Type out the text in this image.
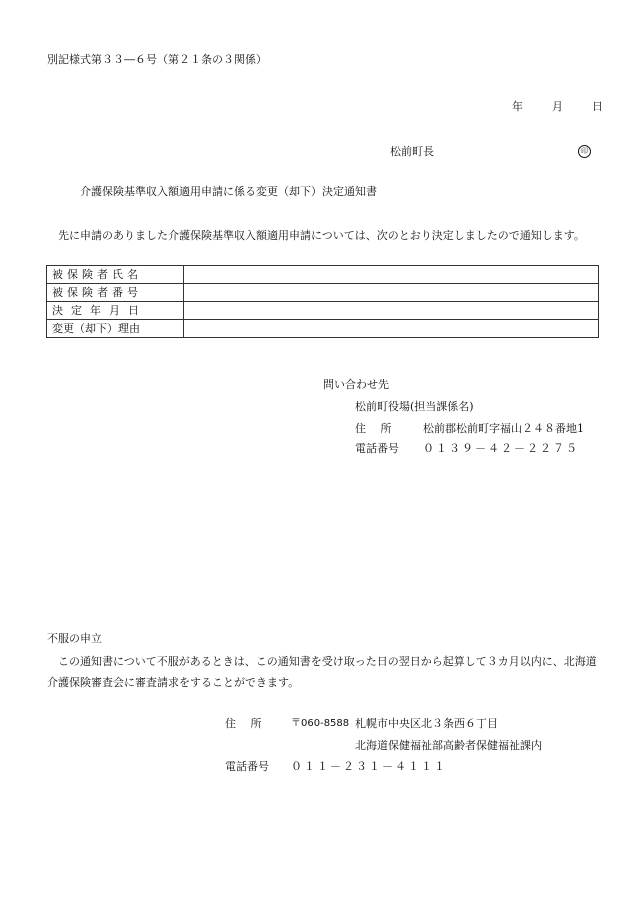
別記様式第３３―６号（第２１条の３関係）
年	月	日
松前町長	印
介護保険基準収入額適用申請に係る変更（却下）決定通知書
先に申請のありました介護保険基準収入額適用申請については、次のとおり決定しましたので通知します。
被保険者氏名	
被保険者番号	
決定年月日	
変更（却下）理由	
問い合わせ先
松前町役場(担当課係名)
住　 所	松前郡松前町字福山２４８番地1
電話番号 ０１３９－４２－２２７５
不服の申立
この通知書について不服があるときは、この通知書を受け取った日の翌日から起算して３カ月以内に、北海道
介護保険審査会に審査請求をすることができます。
住　 所	〒060-8588 札幌市中央区北３条西６丁目
北海道保健福祉部高齢者保健福祉課内
電話番号 ０１１－２３１－４１１１
